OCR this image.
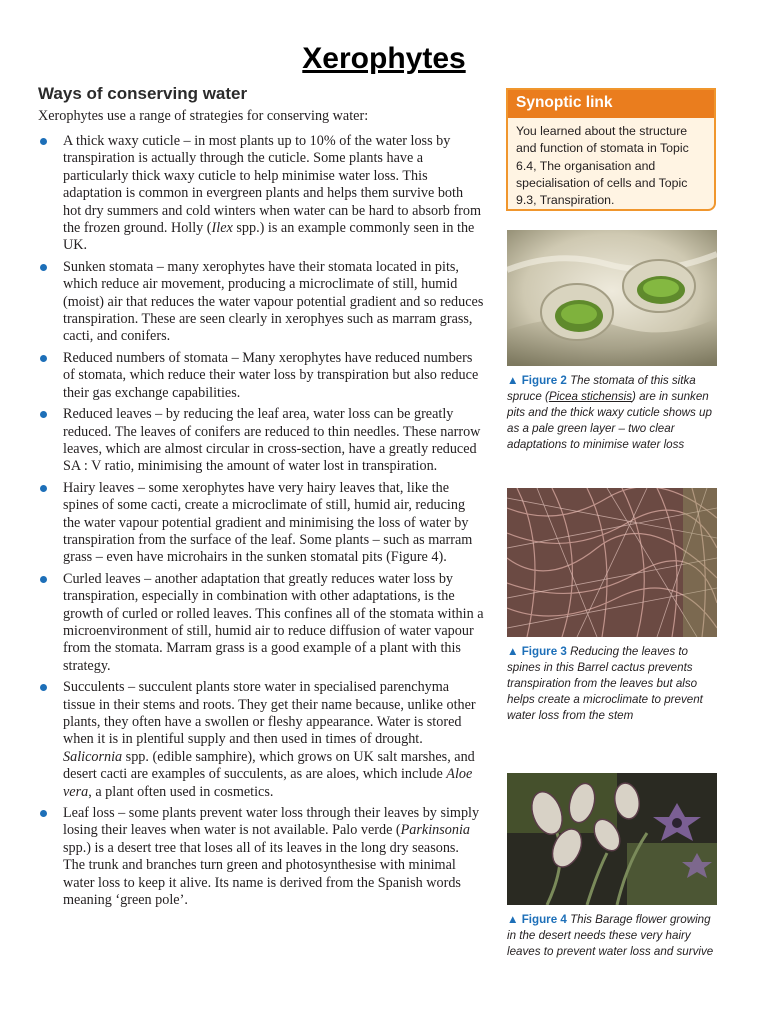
Xerophytes
Ways of conserving water

Xerophytes use a range of strategies for conserving water:

A thick waxy cuticle – in most plants up to 10% of the water loss by transpiration is actually through the cuticle. Some plants have a particularly thick waxy cuticle to help minimise water loss. This adaptation is common in evergreen plants and helps them survive both hot dry summers and cold winters when water can be hard to absorb from the frozen ground. Holly (Ilex spp.) is an example commonly seen in the UK.
Sunken stomata – many xerophytes have their stomata located in pits, which reduce air movement, producing a microclimate of still, humid (moist) air that reduces the water vapour potential gradient and so reduces transpiration. These are seen clearly in xerophyes such as marram grass, cacti, and conifers.
Reduced numbers of stomata – Many xerophytes have reduced numbers of stomata, which reduce their water loss by transpiration but also reduce their gas exchange capabilities.
Reduced leaves – by reducing the leaf area, water loss can be greatly reduced. The leaves of conifers are reduced to thin needles. These narrow leaves, which are almost circular in cross-section, have a greatly reduced SA : V ratio, minimising the amount of water lost in transpiration.
Hairy leaves – some xerophytes have very hairy leaves that, like the spines of some cacti, create a microclimate of still, humid air, reducing the water vapour potential gradient and minimising the loss of water by transpiration from the surface of the leaf. Some plants – such as marram grass – even have microhairs in the sunken stomatal pits (Figure 4).
Curled leaves – another adaptation that greatly reduces water loss by transpiration, especially in combination with other adaptations, is the growth of curled or rolled leaves. This confines all of the stomata within a microenvironment of still, humid air to reduce diffusion of water vapour from the stomata. Marram grass is a good example of a plant with this strategy.
Succulents – succulent plants store water in specialised parenchyma tissue in their stems and roots. They get their name because, unlike other plants, they often have a swollen or fleshy appearance. Water is stored when it is in plentiful supply and then used in times of drought. Salicornia spp. (edible samphire), which grows on UK salt marshes, and desert cacti are examples of succulents, as are aloes, which include Aloe vera, a plant often used in cosmetics.
Leaf loss – some plants prevent water loss through their leaves by simply losing their leaves when water is not available. Palo verde (Parkinsonia spp.) is a desert tree that loses all of its leaves in the long dry seasons. The trunk and branches turn green and photosynthesise with minimal water loss to keep it alive. Its name is derived from the Spanish words meaning ‘green pole’.
Synoptic link
You learned about the structure and function of stomata in Topic 6.4, The organisation and specialisation of cells and Topic 9.3, Transpiration.

▲ Figure 2 The stomata of this sitka spruce (Picea stichensis) are in sunken pits and the thick waxy cuticle shows up as a pale green layer – two clear adaptations to minimise water loss

▲ Figure 3 Reducing the leaves to spines in this Barrel cactus prevents transpiration from the leaves but also helps create a microclimate to prevent water loss from the stem

▲ Figure 4 This Barage flower growing in the desert needs these very hairy leaves to prevent water loss and survive
